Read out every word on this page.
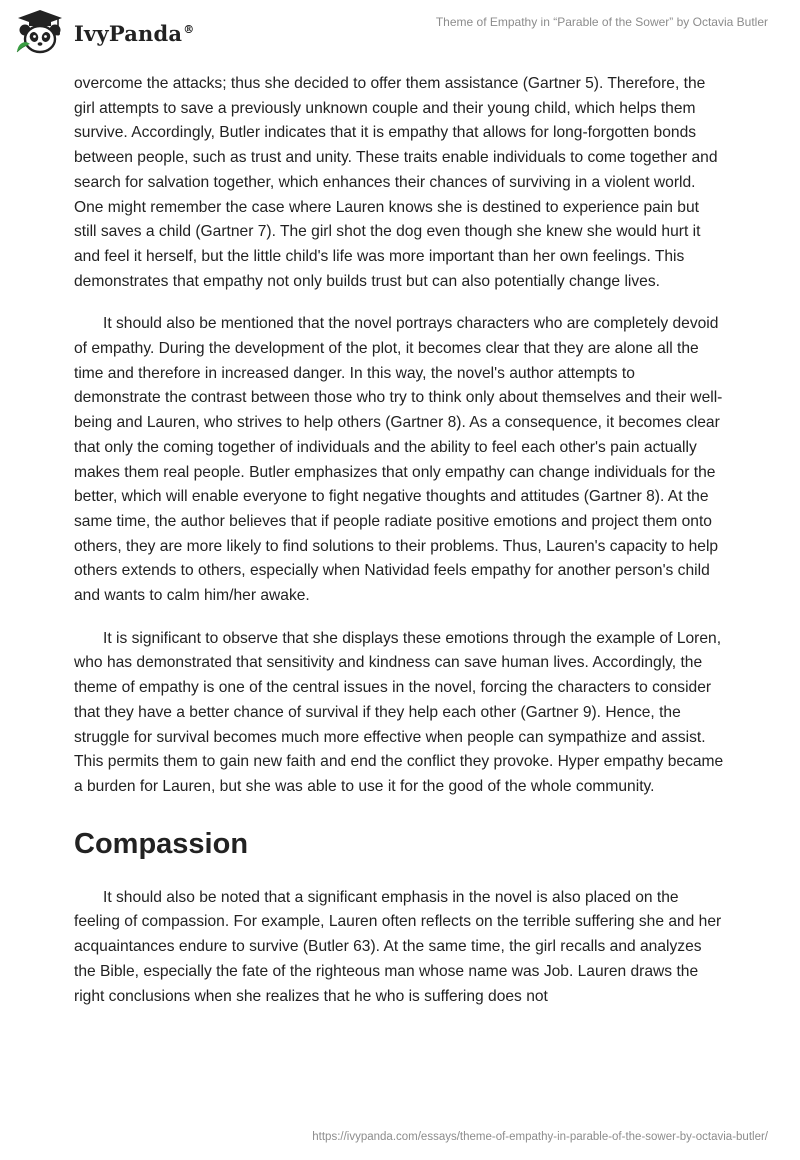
IvyPanda®	Theme of Empathy in “Parable of the Sower” by Octavia Butler

overcome the attacks; thus she decided to offer them assistance (Gartner 5). Therefore, the girl attempts to save a previously unknown couple and their young child, which helps them survive. Accordingly, Butler indicates that it is empathy that allows for long-forgotten bonds between people, such as trust and unity. These traits enable individuals to come together and search for salvation together, which enhances their chances of surviving in a violent world. One might remember the case where Lauren knows she is destined to experience pain but still saves a child (Gartner 7). The girl shot the dog even though she knew she would hurt it and feel it herself, but the little child's life was more important than her own feelings. This demonstrates that empathy not only builds trust but can also potentially change lives.

It should also be mentioned that the novel portrays characters who are completely devoid of empathy. During the development of the plot, it becomes clear that they are alone all the time and therefore in increased danger. In this way, the novel's author attempts to demonstrate the contrast between those who try to think only about themselves and their well-being and Lauren, who strives to help others (Gartner 8). As a consequence, it becomes clear that only the coming together of individuals and the ability to feel each other's pain actually makes them real people. Butler emphasizes that only empathy can change individuals for the better, which will enable everyone to fight negative thoughts and attitudes (Gartner 8). At the same time, the author believes that if people radiate positive emotions and project them onto others, they are more likely to find solutions to their problems. Thus, Lauren's capacity to help others extends to others, especially when Natividad feels empathy for another person's child and wants to calm him/her awake.

It is significant to observe that she displays these emotions through the example of Loren, who has demonstrated that sensitivity and kindness can save human lives. Accordingly, the theme of empathy is one of the central issues in the novel, forcing the characters to consider that they have a better chance of survival if they help each other (Gartner 9). Hence, the struggle for survival becomes much more effective when people can sympathize and assist. This permits them to gain new faith and end the conflict they provoke. Hyper empathy became a burden for Lauren, but she was able to use it for the good of the whole community.

Compassion

It should also be noted that a significant emphasis in the novel is also placed on the feeling of compassion. For example, Lauren often reflects on the terrible suffering she and her acquaintances endure to survive (Butler 63). At the same time, the girl recalls and analyzes the Bible, especially the fate of the righteous man whose name was Job. Lauren draws the right conclusions when she realizes that he who is suffering does not

https://ivypanda.com/essays/theme-of-empathy-in-parable-of-the-sower-by-octavia-butler/
